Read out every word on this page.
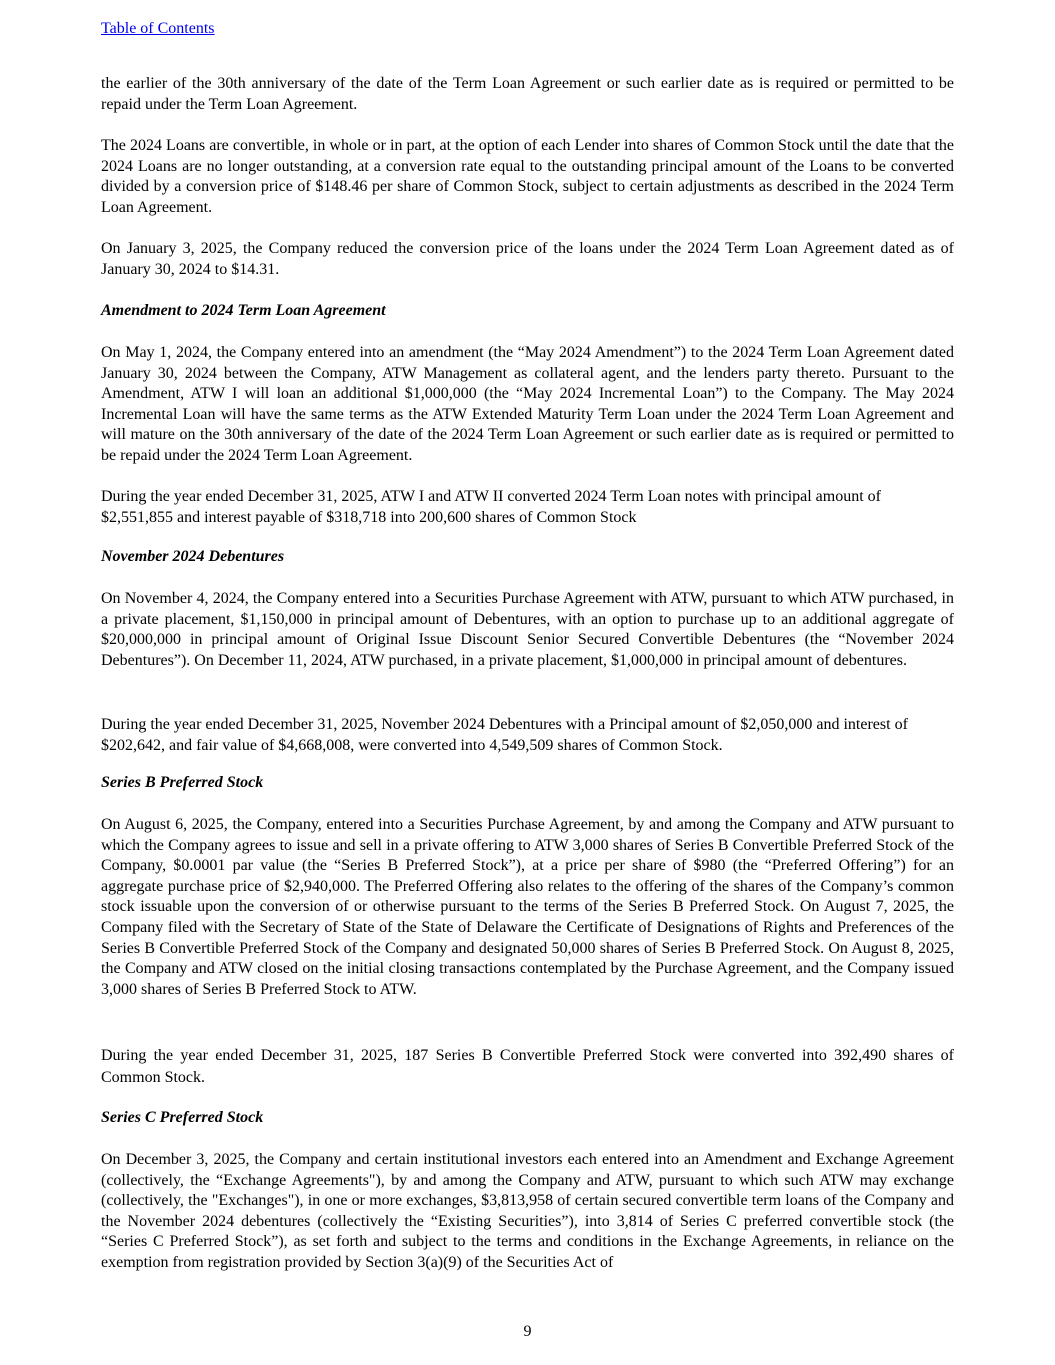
Table of Contents

the earlier of the 30th anniversary of the date of the Term Loan Agreement or such earlier date as is required or permitted to be repaid under the Term Loan Agreement.

The 2024 Loans are convertible, in whole or in part, at the option of each Lender into shares of Common Stock until the date that the 2024 Loans are no longer outstanding, at a conversion rate equal to the outstanding principal amount of the Loans to be converted divided by a conversion price of $148.46 per share of Common Stock, subject to certain adjustments as described in the 2024 Term Loan Agreement.

On January 3, 2025, the Company reduced the conversion price of the loans under the 2024 Term Loan Agreement dated as of January 30, 2024 to $14.31.

Amendment to 2024 Term Loan Agreement

On May 1, 2024, the Company entered into an amendment (the “May 2024 Amendment”) to the 2024 Term Loan Agreement dated January 30, 2024 between the Company, ATW Management as collateral agent, and the lenders party thereto. Pursuant to the Amendment, ATW I will loan an additional $1,000,000 (the “May 2024 Incremental Loan”) to the Company. The May 2024 Incremental Loan will have the same terms as the ATW Extended Maturity Term Loan under the 2024 Term Loan Agreement and will mature on the 30th anniversary of the date of the 2024 Term Loan Agreement or such earlier date as is required or permitted to be repaid under the 2024 Term Loan Agreement.

During the year ended December 31, 2025, ATW I and ATW II converted 2024 Term Loan notes with principal amount of $2,551,855 and interest payable of $318,718 into 200,600 shares of Common Stock

November 2024 Debentures

On November 4, 2024, the Company entered into a Securities Purchase Agreement with ATW, pursuant to which ATW purchased, in a private placement, $1,150,000 in principal amount of Debentures, with an option to purchase up to an additional aggregate of $20,000,000 in principal amount of Original Issue Discount Senior Secured Convertible Debentures (the “November 2024 Debentures”). On December 11, 2024, ATW purchased, in a private placement, $1,000,000 in principal amount of debentures.

During the year ended December 31, 2025, November 2024 Debentures with a Principal amount of $2,050,000 and interest of $202,642, and fair value of $4,668,008, were converted into 4,549,509 shares of Common Stock.

Series B Preferred Stock

On August 6, 2025, the Company, entered into a Securities Purchase Agreement, by and among the Company and ATW pursuant to which the Company agrees to issue and sell in a private offering to ATW 3,000 shares of Series B Convertible Preferred Stock of the Company, $0.0001 par value (the “Series B Preferred Stock”), at a price per share of $980 (the “Preferred Offering”) for an aggregate purchase price of $2,940,000. The Preferred Offering also relates to the offering of the shares of the Company’s common stock issuable upon the conversion of or otherwise pursuant to the terms of the Series B Preferred Stock. On August 7, 2025, the Company filed with the Secretary of State of the State of Delaware the Certificate of Designations of Rights and Preferences of the Series B Convertible Preferred Stock of the Company and designated 50,000 shares of Series B Preferred Stock. On August 8, 2025, the Company and ATW closed on the initial closing transactions contemplated by the Purchase Agreement, and the Company issued 3,000 shares of Series B Preferred Stock to ATW.

During the year ended December 31, 2025, 187 Series B Convertible Preferred Stock were converted into 392,490 shares of Common Stock.

Series C Preferred Stock

On December 3, 2025, the Company and certain institutional investors each entered into an Amendment and Exchange Agreement (collectively, the “Exchange Agreements"), by and among the Company and ATW, pursuant to which such ATW may exchange (collectively, the "Exchanges"), in one or more exchanges, $3,813,958 of certain secured convertible term loans of the Company and the November 2024 debentures (collectively the “Existing Securities”), into 3,814 of Series C preferred convertible stock (the “Series C Preferred Stock”), as set forth and subject to the terms and conditions in the Exchange Agreements, in reliance on the exemption from registration provided by Section 3(a)(9) of the Securities Act of

9
